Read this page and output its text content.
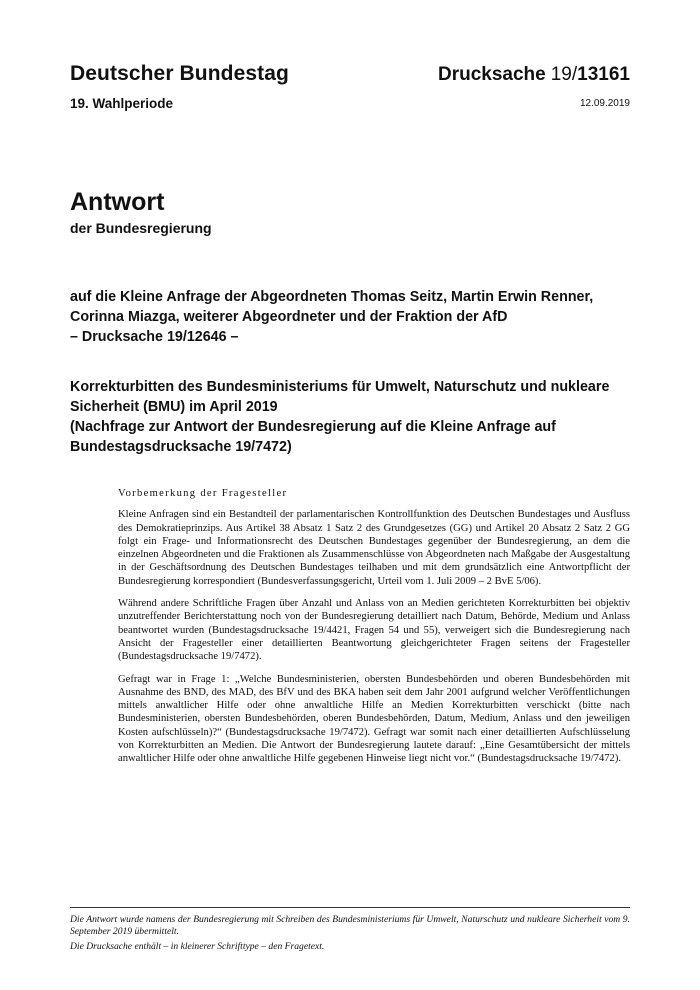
Deutscher Bundestag	Drucksache 19/13161
19. Wahlperiode	12.09.2019
Antwort
der Bundesregierung
auf die Kleine Anfrage der Abgeordneten Thomas Seitz, Martin Erwin Renner,
Corinna Miazga, weiterer Abgeordneter und der Fraktion der AfD
– Drucksache 19/12646 –
Korrekturbitten des Bundesministeriums für Umwelt, Naturschutz und nukleare
Sicherheit (BMU) im April 2019
(Nachfrage zur Antwort der Bundesregierung auf die Kleine Anfrage auf
Bundestagsdrucksache 19/7472)
Vorbemerkung der Fragesteller

Kleine Anfragen sind ein Bestandteil der parlamentarischen Kontrollfunktion des Deutschen Bundestages und Ausfluss des Demokratieprinzips. Aus Artikel 38 Absatz 1 Satz 2 des Grundgesetzes (GG) und Artikel 20 Absatz 2 Satz 2 GG folgt ein Frage- und Informationsrecht des Deutschen Bundestages gegenüber der Bundesregierung, an dem die einzelnen Abgeordneten und die Fraktionen als Zusammenschlüsse von Abgeordneten nach Maßgabe der Ausgestaltung in der Geschäftsordnung des Deutschen Bundestages teilhaben und mit dem grundsätzlich eine Antwortpflicht der Bundesregierung korrespondiert (Bundesverfassungsgericht, Urteil vom 1. Juli 2009 – 2 BvE 5/06).

Während andere Schriftliche Fragen über Anzahl und Anlass von an Medien gerichteten Korrekturbitten bei objektiv unzutreffender Berichterstattung noch von der Bundesregierung detailliert nach Datum, Behörde, Medium und Anlass beantwortet wurden (Bundestagsdrucksache 19/4421, Fragen 54 und 55), verweigert sich die Bundesregierung nach Ansicht der Fragesteller einer detaillierten Beantwortung gleichgerichteter Fragen seitens der Fragesteller (Bundestagsdrucksache 19/7472).

Gefragt war in Frage 1: „Welche Bundesministerien, obersten Bundesbehörden und oberen Bundesbehörden mit Ausnahme des BND, des MAD, des BfV und des BKA haben seit dem Jahr 2001 aufgrund welcher Veröffentlichungen mittels anwaltlicher Hilfe oder ohne anwaltliche Hilfe an Medien Korrekturbitten verschickt (bitte nach Bundesministerien, obersten Bundesbehörden, oberen Bundesbehörden, Datum, Medium, Anlass und den jeweiligen Kosten aufschlüsseln)?“ (Bundestagsdrucksache 19/7472). Gefragt war somit nach einer detaillierten Aufschlüsselung von Korrekturbitten an Medien. Die Antwort der Bundesregierung lautete darauf: „Eine Gesamtübersicht der mittels anwaltlicher Hilfe oder ohne anwaltliche Hilfe gegebenen Hinweise liegt nicht vor.“ (Bundestagsdrucksache 19/7472).

Die Antwort wurde namens der Bundesregierung mit Schreiben des Bundesministeriums für Umwelt, Naturschutz und nukleare Sicherheit vom 9. September 2019 übermittelt.

Die Drucksache enthält – in kleinerer Schrifttype – den Fragetext.
